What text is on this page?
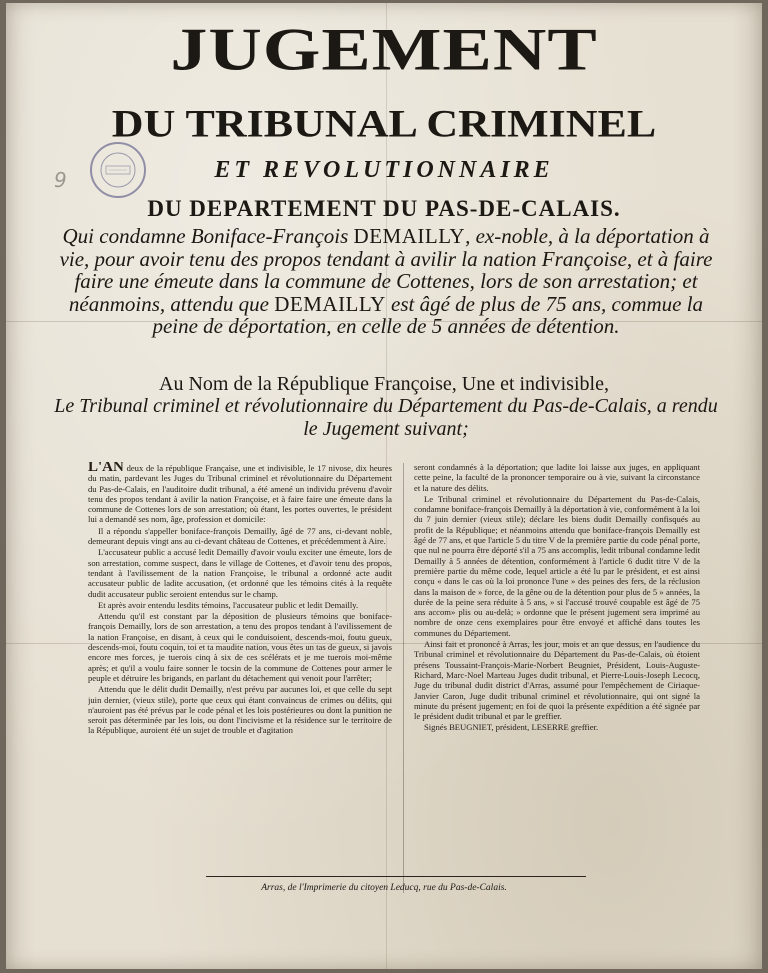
JUGEMENT
DU TRIBUNAL CRIMINEL
ET REVOLUTIONNAIRE
DU DEPARTEMENT DU PAS-DE-CALAIS.
9
Qui condamne Boniface-François DEMAILLY, ex-noble, à la déportation à vie, pour avoir tenu des propos tendant à avilir la nation Françoise, et à faire faire une émeute dans la commune de Cottenes, lors de son arrestation; et néanmoins, attendu que DEMAILLY est âgé de plus de 75 ans, commue la peine de déportation, en celle de 5 années de détention.
Au Nom de la République Françoise, Une et indivisible,
Le Tribunal criminel et révolutionnaire du Département du Pas-de-Calais, a rendu le Jugement suivant;

L'AN deux de la république Françaìse, une et indivisible, le 17 nivose, dix heures du matin, pardevant les Juges du Tribunal criminel et révolutionnaire du Département du Pas-de-Calais, en l'auditoire dudit tribunal, a été amené un individu prévenu d'avoir tenu des propos tendant à avilir la nation Françoise, et à faire faire une émeute dans la commune de Cottenes lors de son arrestation; où étant, les portes ouvertes, le président lui a demandé ses nom, âge, profession et domicile:

Il a répondu s'appeller boniface-françois Demailly, âgé de 77 ans, ci-devant noble, demeurant depuis vingt ans au ci-devant château de Cottenes, et précédemment à Aire.

L'accusateur public a accusé ledit Demailly d'avoir voulu exciter une émeute, lors de son arrestation, comme suspect, dans le village de Cottenes, et d'avoir tenu des propos, tendant à l'avilissement de la nation Françoise, le tribunal a ordonné acte audit accusateur public de ladite accusation, (et ordonné que les témoins cités à la requête dudit accusateur public seroient entendus sur le champ.

Et après avoir entendu lesdits témoins, l'accusateur public et ledit Demailly.

Attendu qu'il est constant par la déposition de plusieurs témoins que boniface-françois Demailly, lors de son arrestation, a tenu des propos tendant à l'avilissement de la nation Françoise, en disant, à ceux qui le conduisoient, descends-moi, foutu gueux, descends-moi, foutu coquin, toi et ta maudite nation, vous êtes un tas de gueux, si javois encore mes forces, je tuerois cinq à six de ces scélérats et je me tuerois moi-même après; et qu'il a voulu faire sonner le tocsin de la commune de Cottenes pour armer le peuple et détruire les brigands, en parlant du détachement qui venoit pour l'arrêter;

Attendu que le délit dudit Demailly, n'est prévu par aucunes loi, et que celle du sept juin dernier, (vieux stile), porte que ceux qui étant convaincus de crimes ou délits, qui n'auroient pas été prévus par le code pénal et les lois postérieures ou dont la punition ne seroit pas déterminée par les lois, ou dont l'incivisme et la résidence sur le territoire de la République, auroient été un sujet de trouble et d'agitation

seront condamnés à la déportation; que ladite loi laisse aux juges, en appliquant cette peine, la faculté de la prononcer temporaire ou à vie, suivant la circonstance et la nature des délits.

Le Tribunal criminel et révolutionnaire du Département du Pas-de-Calais, condamne boniface-françois Demailly à la déportation à vie, conformément à la loi du 7 juin dernier (vieux stile); déclare les biens dudit Demailly confisqués au profit de la République; et néanmoins attendu que boniface-françois Demailly est âgé de 77 ans, et que l'article 5 du titre V de la première partie du code pénal porte, que nul ne pourra être déporté s'il a 75 ans accomplis, ledit tribunal condamne ledit Demailly à 5 années de détention, conformément à l'article 6 dudit titre V de la première partie du même code, lequel article a été lu par le président, et est ainsi conçu « dans le cas où la loi prononce l'une » des peines des fers, de la réclusion dans la maison de » force, de la gêne ou de la détention pour plus de 5 » années, la durée de la peine sera réduite à 5 ans, » si l'accusé trouvé coupable est âgé de 75 ans accom» plis ou au-delà; » ordonne que le présent jugement sera imprimé au nombre de onze cens exemplaires pour être envoyé et affiché dans toutes les communes du Département.

Ainsi fait et prononcé à Arras, les jour, mois et an que dessus, en l'audience du Tribunal criminel et révolutionnaire du Département du Pas-de-Calais, où étoient présens Toussaint-François-Marie-Norbert Beugniet, Président, Louis-Auguste-Richard, Marc-Noel Marteau Juges dudit tribunal, et Pierre-Louis-Joseph Lecocq, Juge du tribunal dudit district d'Arras, assumé pour l'empêchement de Ciriaque-Janvier Caron, Juge dudit tribunal criminel et révolutionnaire, qui ont signé la minute du présent jugement; en foi de quoi la présente expédition a été signée par le président dudit tribunal et par le greffier.

Signés BEUGNIET, président, LESERRE greffier.

Arras, de l'Imprimerie du citoyen Leducq, rue du Pas-de-Calais.
